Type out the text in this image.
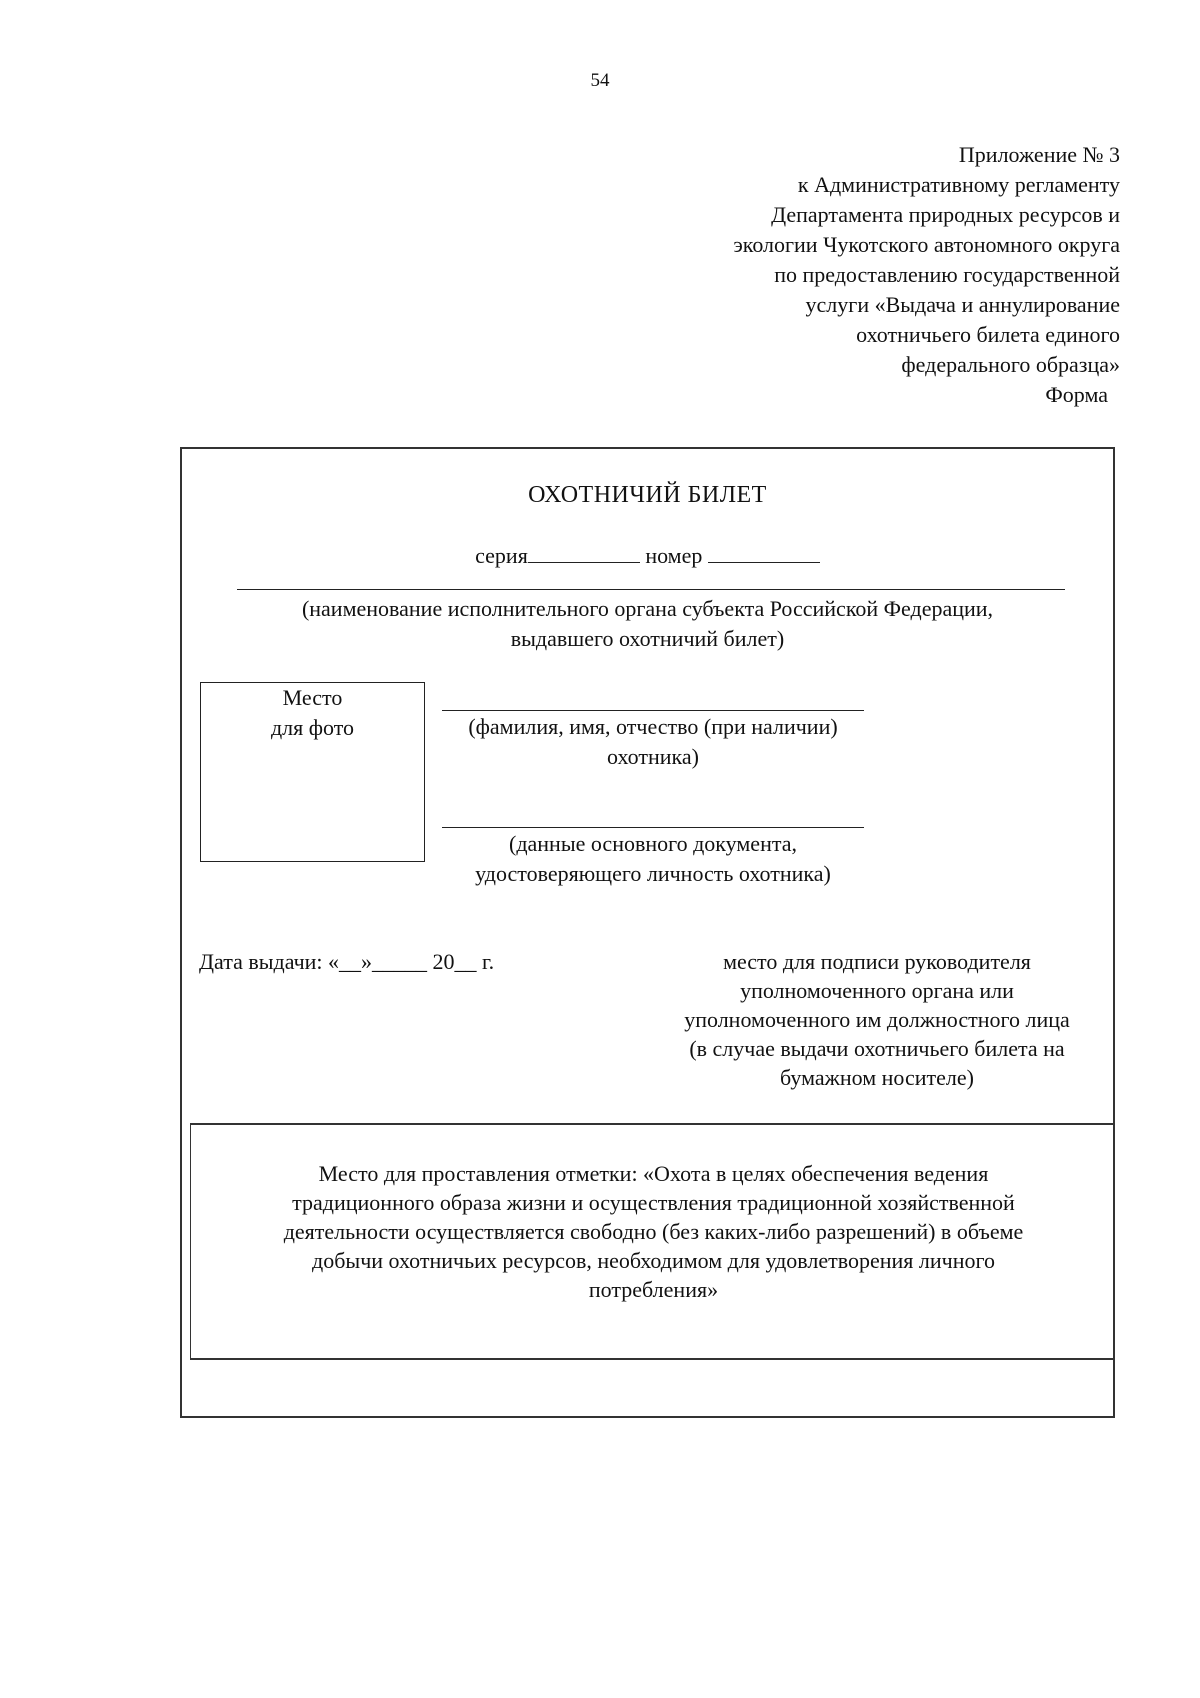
54
Приложение № 3
к Административному регламенту
Департамента природных ресурсов и
экологии Чукотского автономного округа
по предоставлению государственной
услуги «Выдача и аннулирование
охотничьего билета единого
федерального образца»
Форма
ОХОТНИЧИЙ БИЛЕТ
серия	номер
(наименование исполнительного органа субъекта Российской Федерации,
выдавшего охотничий билет)
Место
для фото	(фамилия, имя, отчество (при наличии)
охотника)
(данные основного документа,
удостоверяющего личность охотника)
Дата выдачи: «__»_____ 20__ г.	место для подписи руководителя
уполномоченного органа или
уполномоченного им должностного лица
(в случае выдачи охотничьего билета на
бумажном носителе)
Место для проставления отметки: «Охота в целях обеспечения ведения
традиционного образа жизни и осуществления традиционной хозяйственной
деятельности осуществляется свободно (без каких-либо разрешений) в объеме
добычи охотничьих ресурсов, необходимом для удовлетворения личного
потребления»
